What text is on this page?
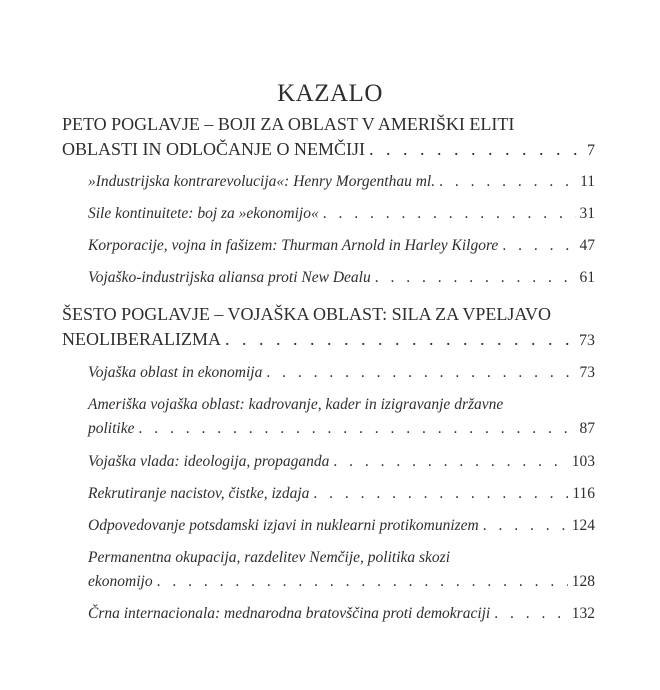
KAZALO
PETO POGLAVJE – BOJI ZA OBLAST V AMERIŠKI ELITI
OBLASTI IN ODLOČANJE O NEMČIJI . . .	7
»Industrijska kontrarevolucija«: Henry Morgenthau ml. . . .	11
Sile kontinuitete: boj za »ekonomijo« . . .	31
Korporacije, vojna in fašizem: Thurman Arnold in Harley Kilgore . . .	47
Vojaško-industrijska aliansa proti New Dealu . . .	61
ŠESTO POGLAVJE – VOJAŠKA OBLAST: SILA ZA VPELJAVO
NEOLIBERALIZMA . . .	73
Vojaška oblast in ekonomija . . .	73
Ameriška vojaška oblast: kadrovanje, kader in izigravanje državne
politike . . .	87
Vojaška vlada: ideologija, propaganda . . .	103
Rekrutiranje nacistov, čistke, izdaja . . .	116
Odpovedovanje potsdamski izjavi in nuklearni protikomunizem . . .	124
Permanentna okupacija, razdelitev Nemčije, politika skozi
ekonomijo . . .	128
Črna internacionala: mednarodna bratovščina proti demokraciji . . .	132
